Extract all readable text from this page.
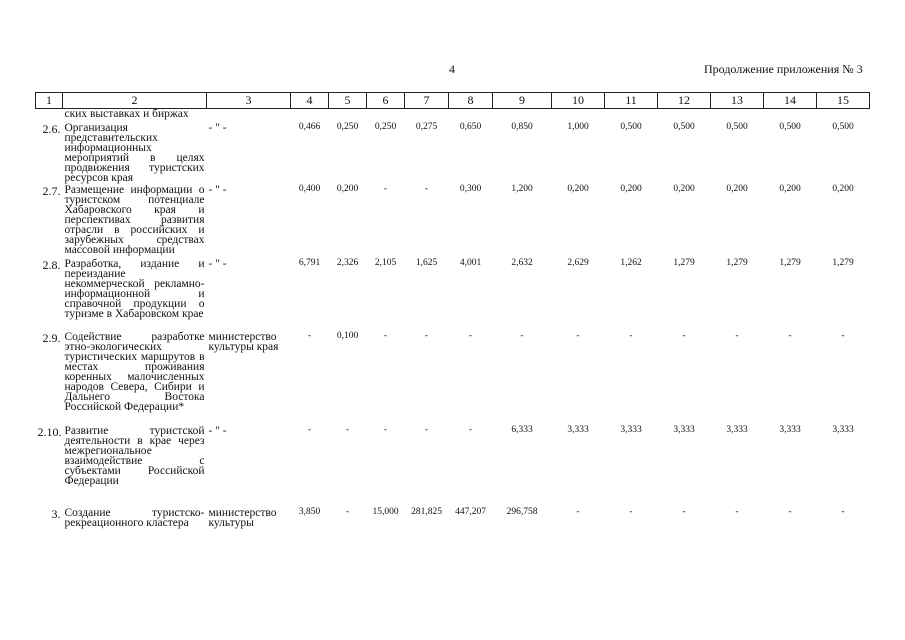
4	Продолжение приложения № 3
1	2	3	4	5	6	7	8	9	10	11	12	13	14	15
	ских выставках и биржах													
2.6.	Организация представительских информационных мероприятий в целях продвижения туристских ресурсов края	- " -	0,466	0,250	0,250	0,275	0,650	0,850	1,000	0,500	0,500	0,500	0,500	0,500
2.7.	Размещение информации о туристском потенциале Хабаровского края и перспективах развития отрасли в российских и зарубежных средствах массовой информации	- " -	0,400	0,200	-	-	0,300	1,200	0,200	0,200	0,200	0,200	0,200	0,200
2.8.	Разработка, издание и переиздание некоммерческой рекламно-информационной и справочной продукции о туризме в Хабаровском крае	- " -	6,791	2,326	2,105	1,625	4,001	2,632	2,629	1,262	1,279	1,279	1,279	1,279
2.9.	Содействие разработке этно-экологических туристических маршрутов в местах проживания коренных малочисленных народов Севера, Сибири и Дальнего Востока Российской Федерации*	министерство культуры края	-	0,100	-	-	-	-	-	-	-	-	-	-
2.10.	Развитие туристской деятельности в крае через межрегиональное взаимодействие с субъектами Российской Федерации	- " -	-	-	-	-	-	6,333	3,333	3,333	3,333	3,333	3,333	3,333
3.	Создание туристско-рекреационного кластера	министерство культуры	3,850	-	15,000	281,825	447,207	296,758	-	-	-	-	-	-
